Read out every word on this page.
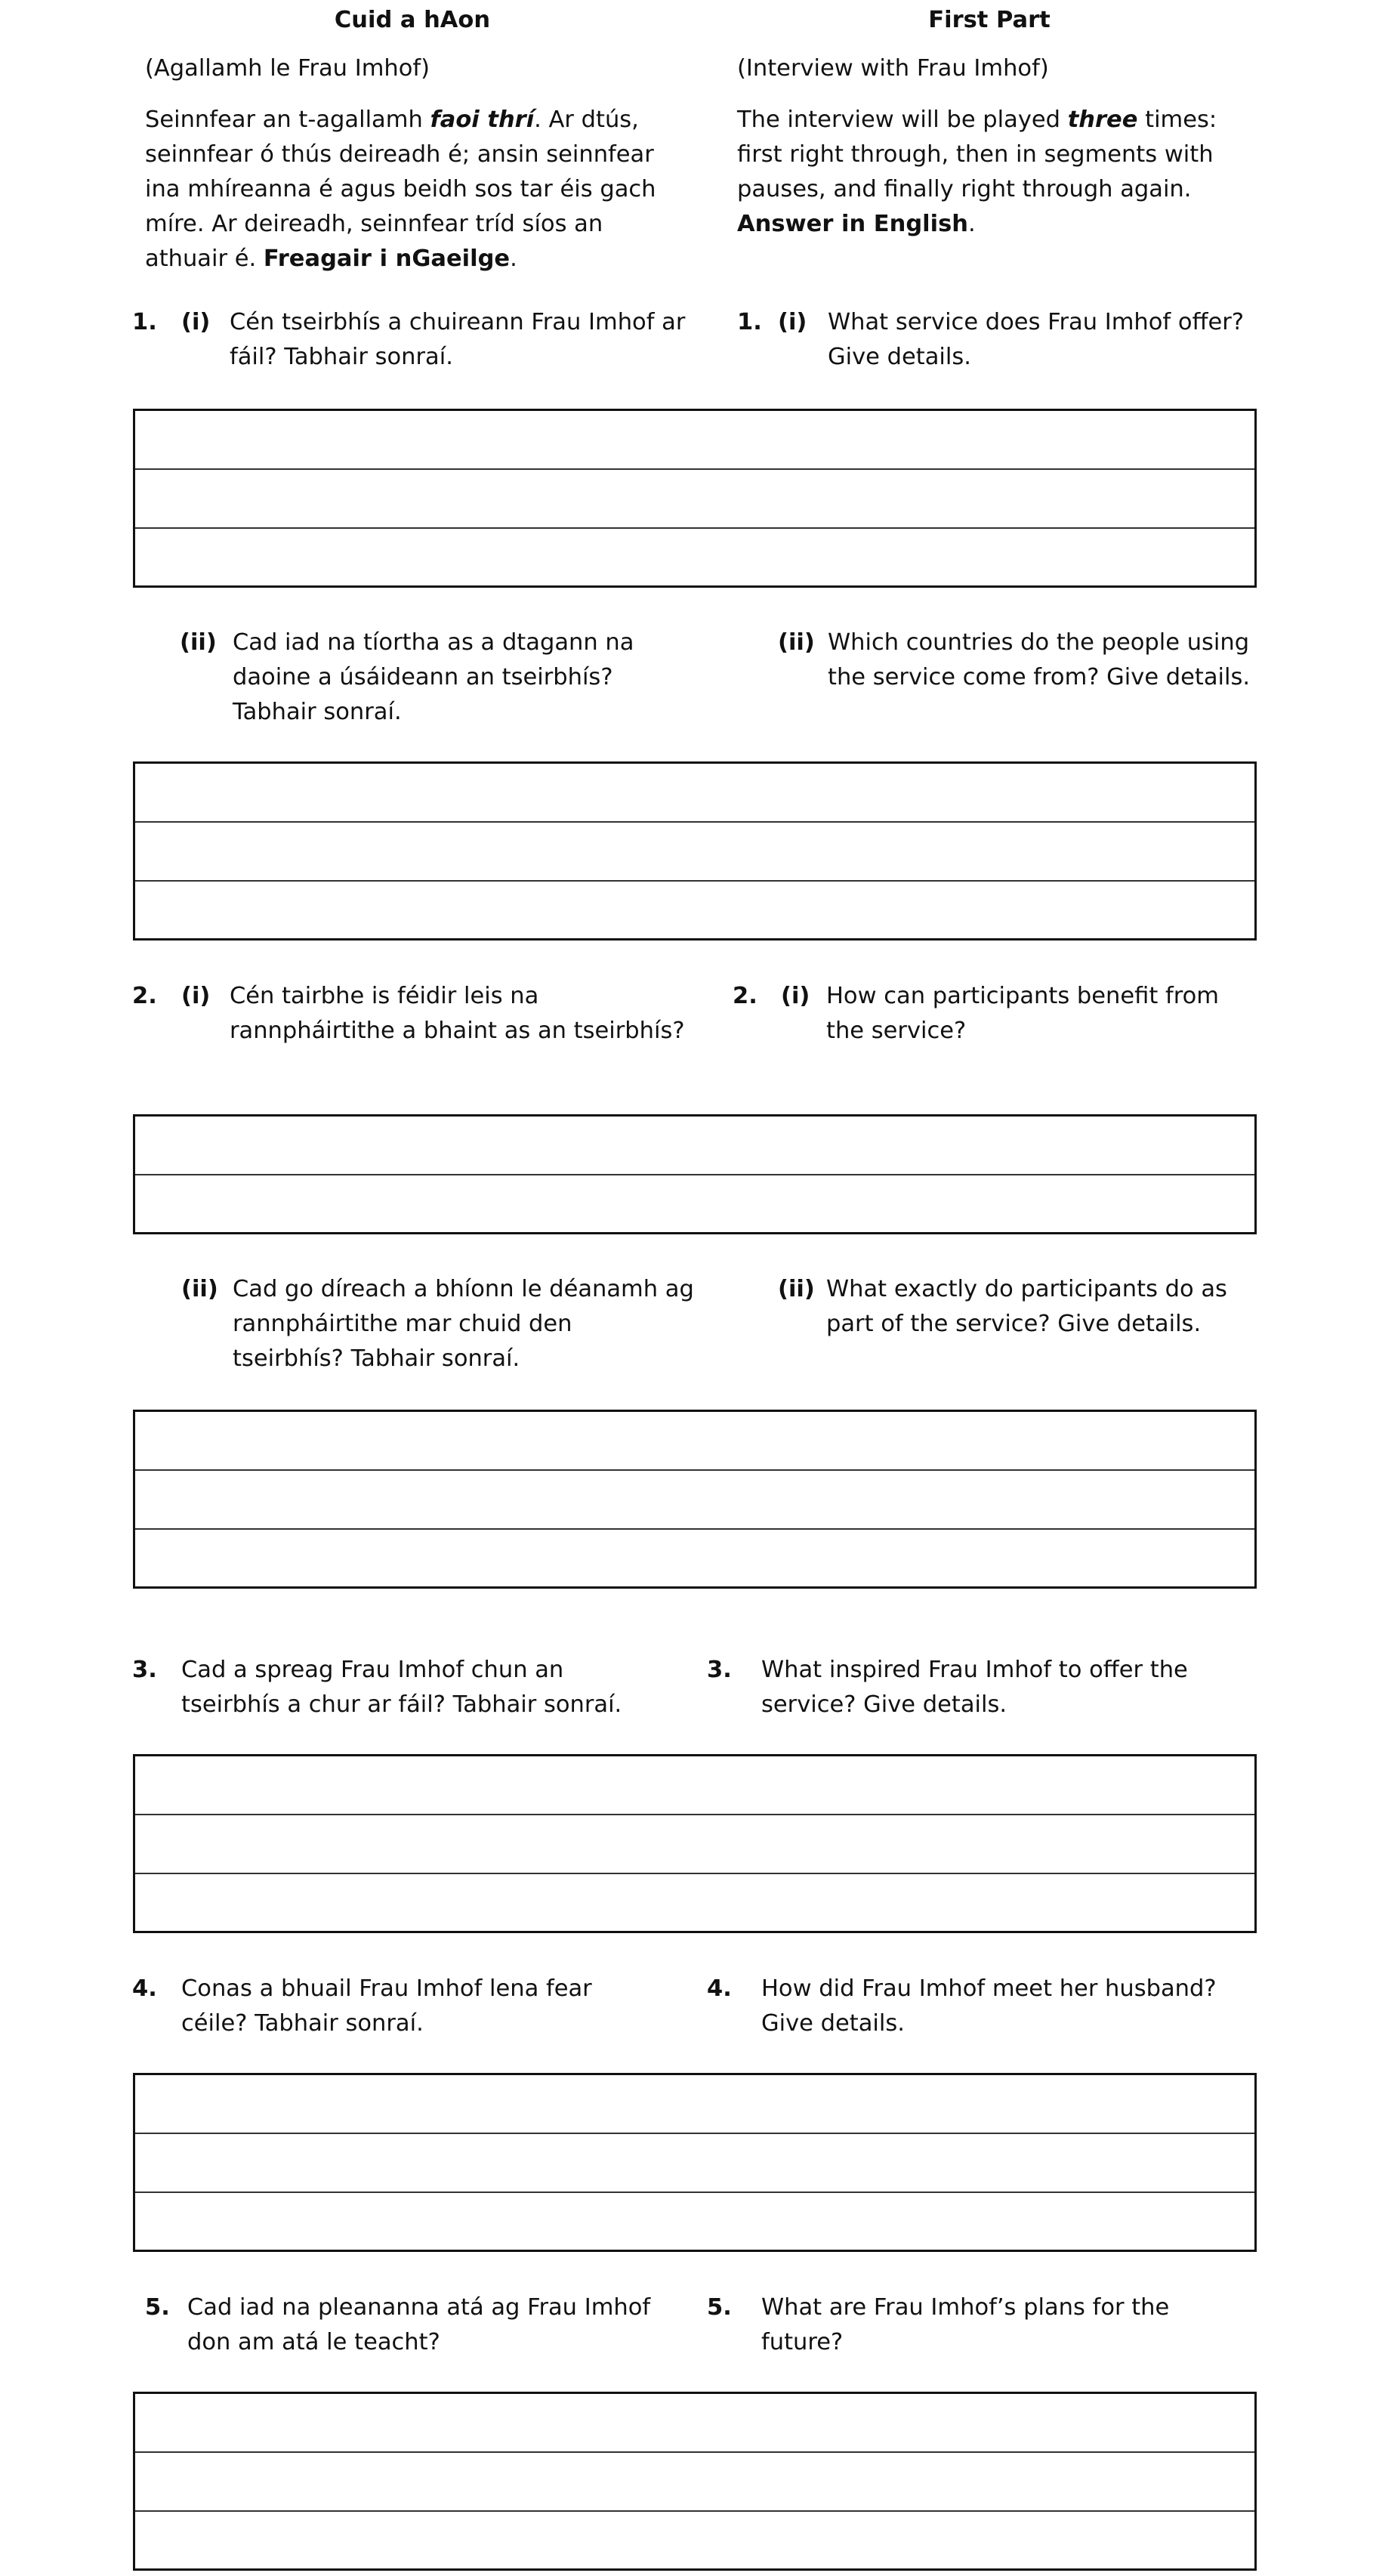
Cuid a hAon	First Part
(Agallamh le Frau Imhof)	(Interview with Frau Imhof)
Seinnfear an t-agallamh faoi thrí. Ar dtús,
seinnfear ó thús deireadh é; ansin seinnfear
ina mhíreanna é agus beidh sos tar éis gach
míre. Ar deireadh, seinnfear tríd síos an
athuair é. Freagair i nGaeilge.
The interview will be played three times:
first right through, then in segments with
pauses, and finally right through again.
Answer in English.
1. (i) Cén tseirbhís a chuireann Frau Imhof ar
fáil? Tabhair sonraí.
1. (i) What service does Frau Imhof offer?
Give details.
(ii) Cad iad na tíortha as a dtagann na
daoine a úsáideann an tseirbhís?
Tabhair sonraí.
(ii) Which countries do the people using
the service come from? Give details.
2. (i) Cén tairbhe is féidir leis na
rannpháirtithe a bhaint as an tseirbhís?
2. (i) How can participants benefit from
the service?
(ii) Cad go díreach a bhíonn le déanamh ag
rannpháirtithe mar chuid den
tseirbhís? Tabhair sonraí.
(ii) What exactly do participants do as
part of the service? Give details.
3. Cad a spreag Frau Imhof chun an
tseirbhís a chur ar fáil? Tabhair sonraí.
3. What inspired Frau Imhof to offer the
service? Give details.
4. Conas a bhuail Frau Imhof lena fear
céile? Tabhair sonraí.
4. How did Frau Imhof meet her husband?
Give details.
5. Cad iad na pleananna atá ag Frau Imhof
don am atá le teacht?
5. What are Frau Imhof’s plans for the
future?
